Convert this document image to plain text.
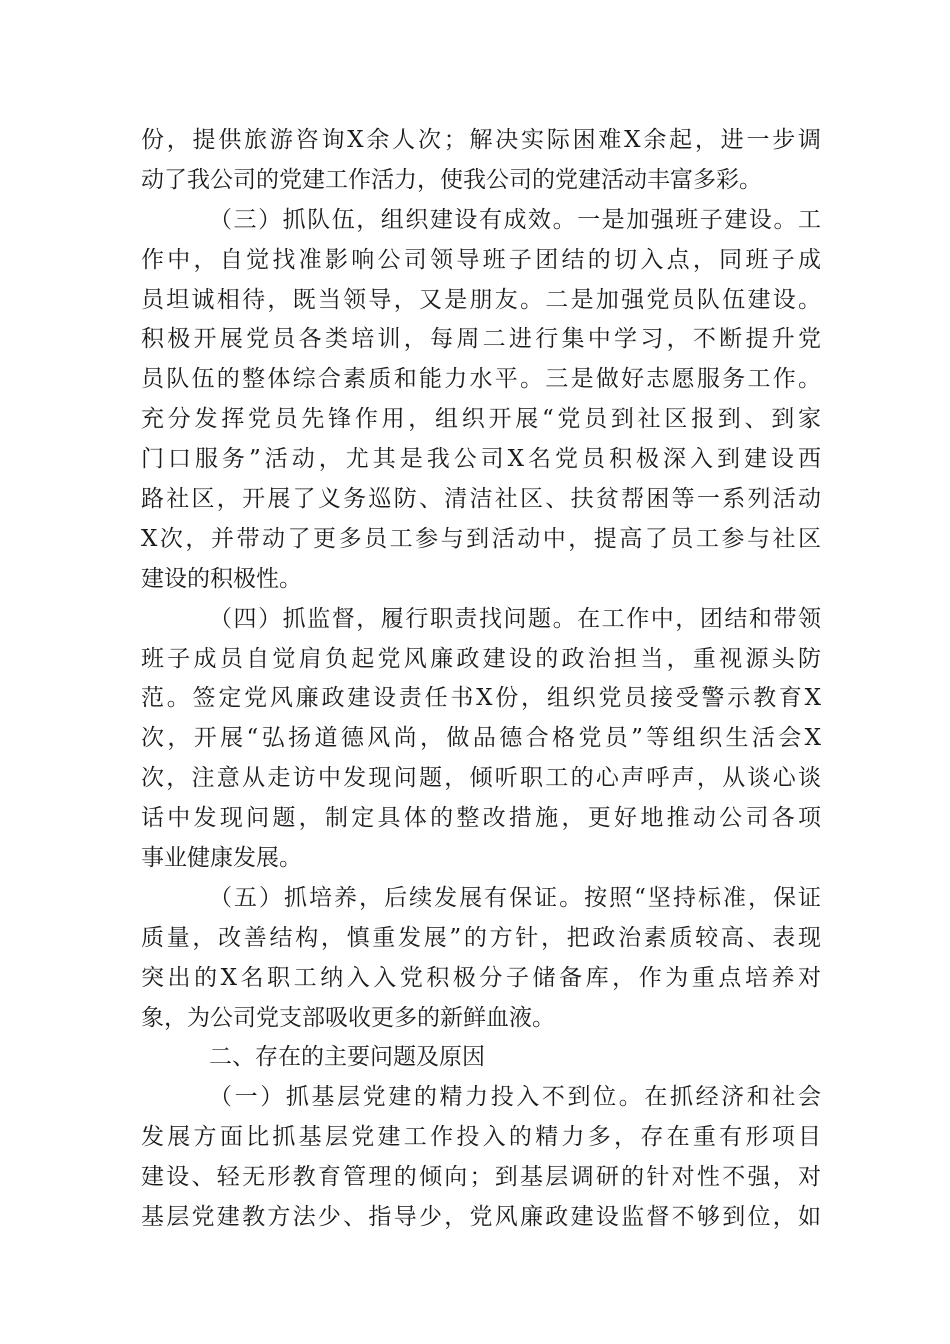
份，提供旅游咨询X余人次；解决实际困难X余起，进一步调
动了我公司的党建工作活力，使我公司的党建活动丰富多彩。
（三）抓队伍，组织建设有成效。一是加强班子建设。工
作中，自觉找准影响公司领导班子团结的切入点，同班子成
员坦诚相待，既当领导，又是朋友。二是加强党员队伍建设。
积极开展党员各类培训，每周二进行集中学习，不断提升党
员队伍的整体综合素质和能力水平。三是做好志愿服务工作。
充分发挥党员先锋作用，组织开展“党员到社区报到、到家
门口服务”活动，尤其是我公司X名党员积极深入到建设西
路社区，开展了义务巡防、清洁社区、扶贫帮困等一系列活动
X次，并带动了更多员工参与到活动中，提高了员工参与社区
建设的积极性。
（四）抓监督，履行职责找问题。在工作中，团结和带领
班子成员自觉肩负起党风廉政建设的政治担当，重视源头防
范。签定党风廉政建设责任书X份，组织党员接受警示教育X
次，开展“弘扬道德风尚，做品德合格党员”等组织生活会X
次，注意从走访中发现问题，倾听职工的心声呼声，从谈心谈
话中发现问题，制定具体的整改措施，更好地推动公司各项
事业健康发展。
（五）抓培养，后续发展有保证。按照“坚持标准，保证
质量，改善结构，慎重发展”的方针，把政治素质较高、表现
突出的X名职工纳入入党积极分子储备库，作为重点培养对
象，为公司党支部吸收更多的新鲜血液。
二、存在的主要问题及原因
（一）抓基层党建的精力投入不到位。在抓经济和社会
发展方面比抓基层党建工作投入的精力多，存在重有形项目
建设、轻无形教育管理的倾向；到基层调研的针对性不强，对
基层党建教方法少、指导少，党风廉政建设监督不够到位，如
